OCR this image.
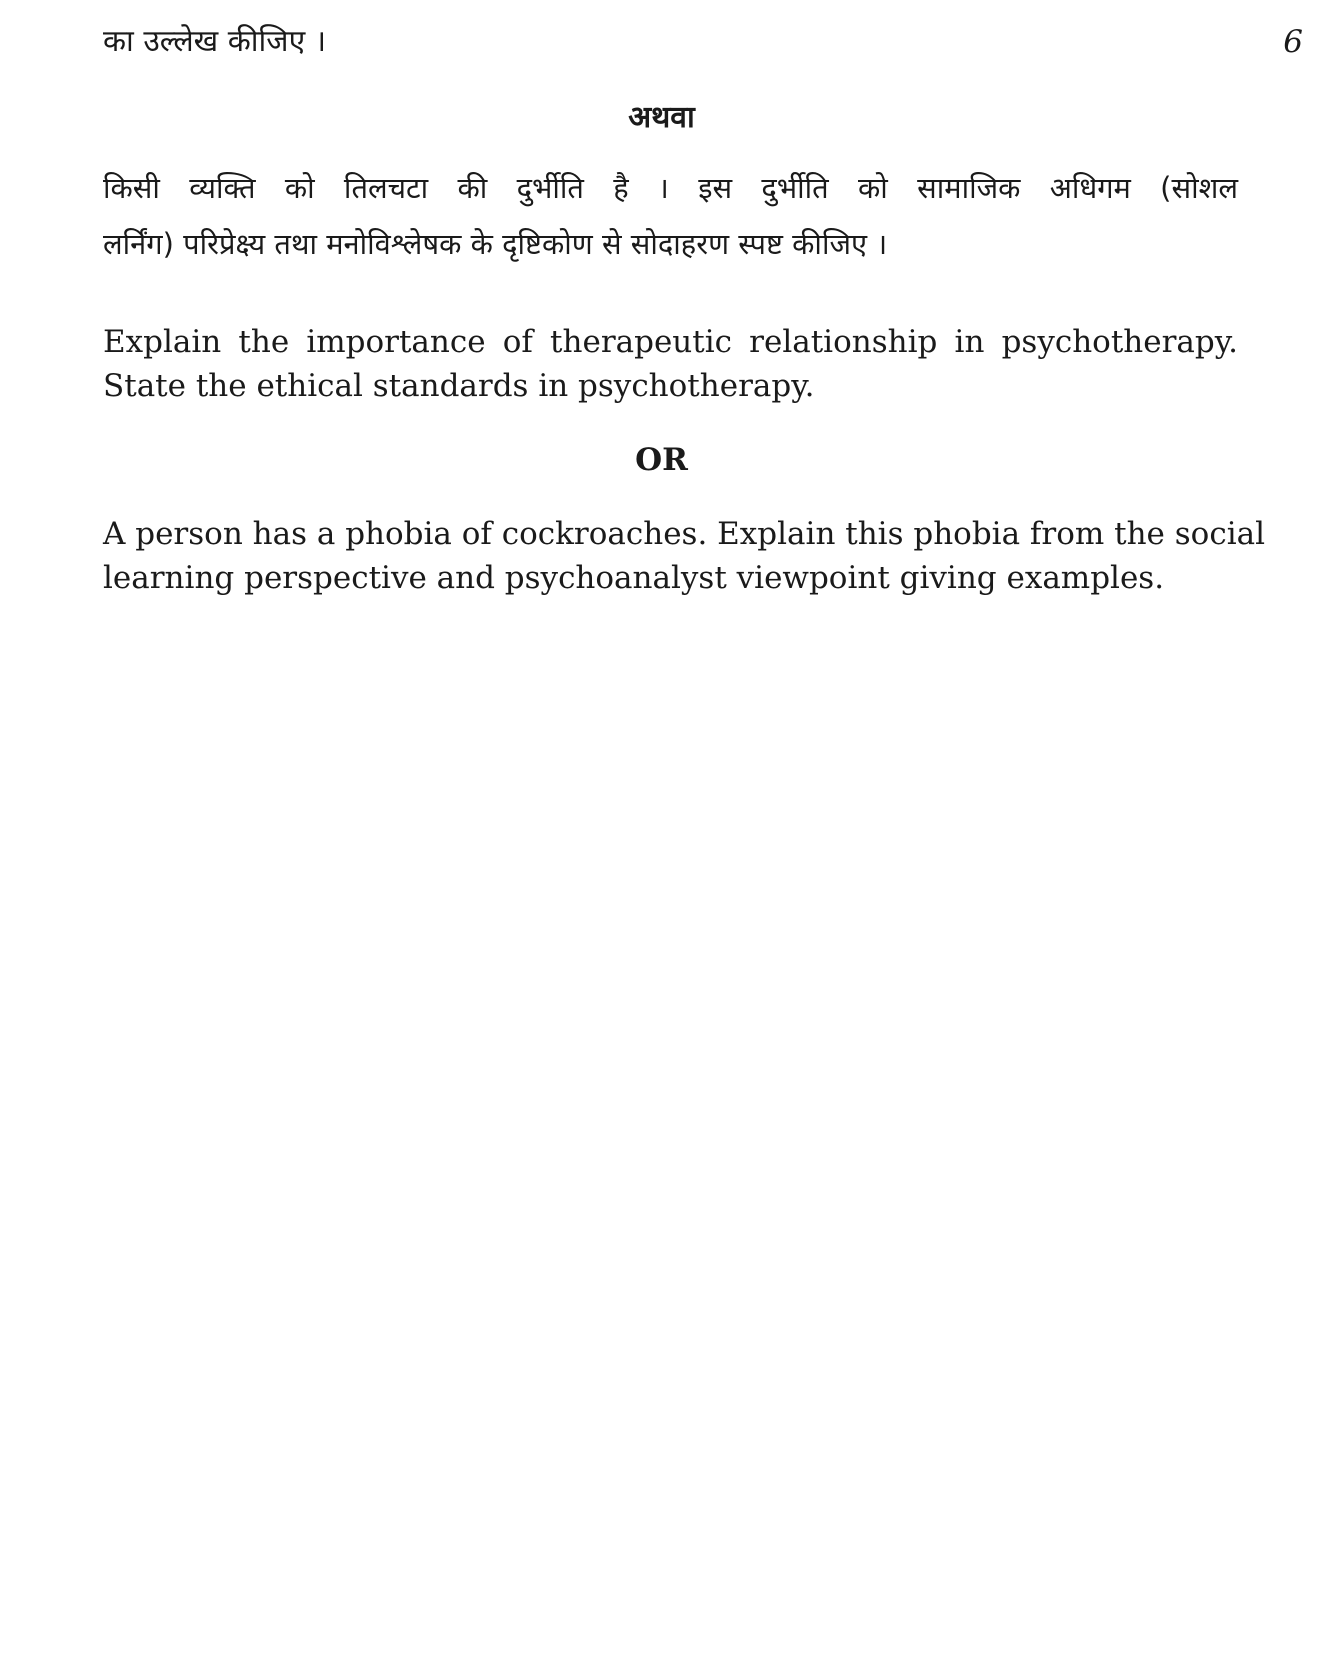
का उल्लेख कीजिए ।	6
अथवा
किसी व्यक्ति को तिलचटा की दुर्भीति है । इस दुर्भीति को सामाजिक अधिगम (सोशल
लर्निंग) परिप्रेक्ष्य तथा मनोविश्लेषक के दृष्टिकोण से सोदाहरण स्पष्ट कीजिए ।
Explain the importance of therapeutic relationship in psychotherapy.
State the ethical standards in psychotherapy.
OR
A person has a phobia of cockroaches. Explain this phobia from the social
learning perspective and psychoanalyst viewpoint giving examples.
